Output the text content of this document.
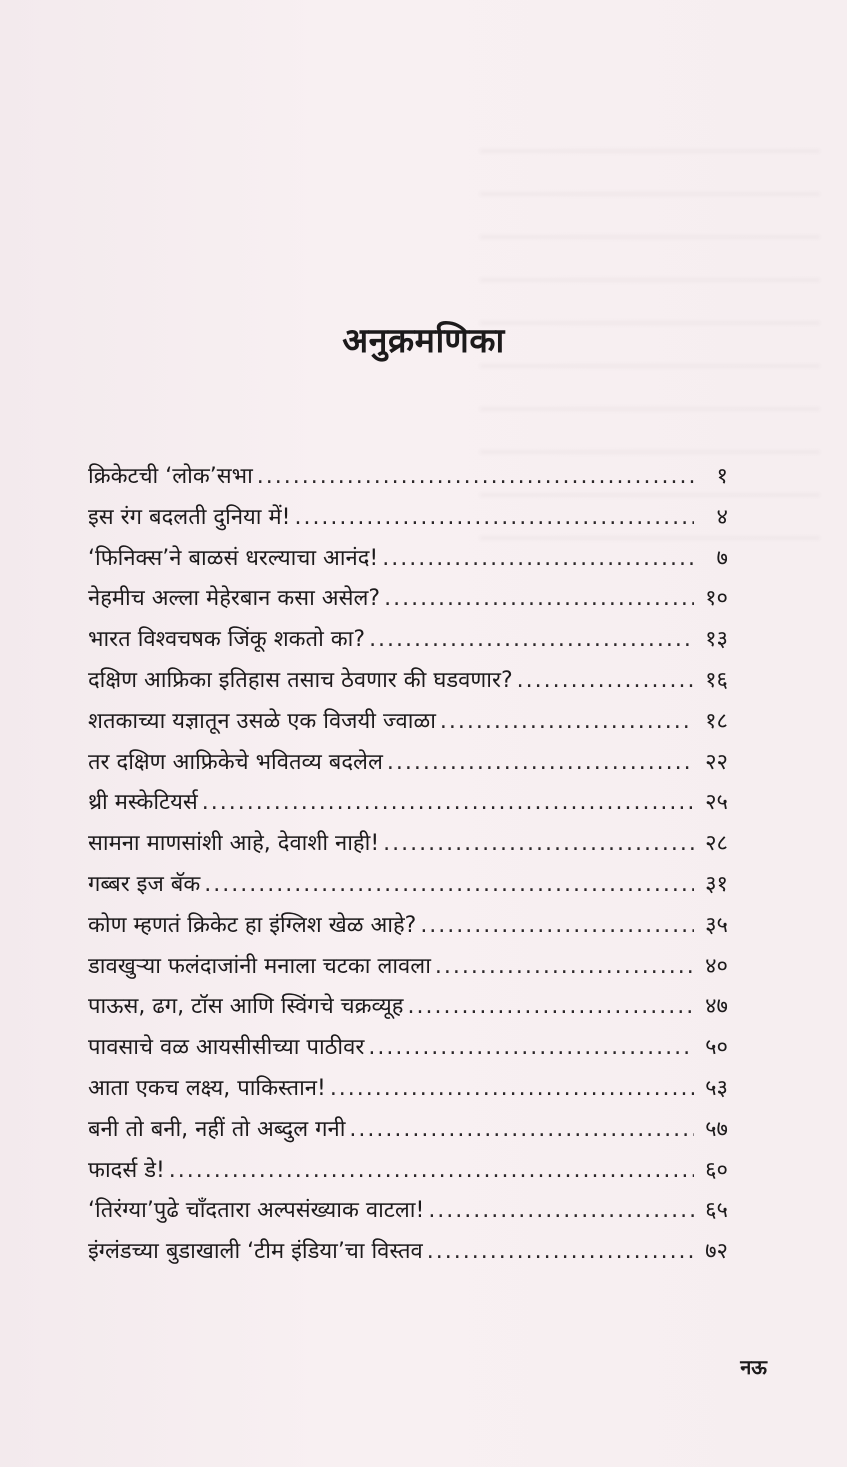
अनुक्रमणिका
क्रिकेटची ‘लोक’सभा .....	१
इस रंग बदलती दुनिया में! .....	४
‘फिनिक्स’ने बाळसं धरल्याचा आनंद! .....	७
नेहमीच अल्ला मेहेरबान कसा असेल? .....	१०
भारत विश्वचषक जिंकू शकतो का? .....	१३
दक्षिण आफ्रिका इतिहास तसाच ठेवणार की घडवणार? .....	१६
शतकाच्या यज्ञातून उसळे एक विजयी ज्वाळा .....	१८
तर दक्षिण आफ्रिकेचे भवितव्य बदलेल .....	२२
थ्री मस्केटियर्स .....	२५
सामना माणसांशी आहे, देवाशी नाही! .....	२८
गब्बर इज बॅक .....	३१
कोण म्हणतं क्रिकेट हा इंग्लिश खेळ आहे? .....	३५
डावखुऱ्या फलंदाजांनी मनाला चटका लावला .....	४०
पाऊस, ढग, टॉस आणि स्विंगचे चक्रव्यूह .....	४७
पावसाचे वळ आयसीसीच्या पाठीवर .....	५०
आता एकच लक्ष्य, पाकिस्तान! .....	५३
बनी तो बनी, नहीं तो अब्दुल गनी .....	५७
फादर्स डे! .....	६०
‘तिरंग्या’पुढे चाँदतारा अल्पसंख्याक वाटला! .....	६५
इंग्लंडच्या बुडाखाली ‘टीम इंडिया’चा विस्तव .....	७२
नऊ
